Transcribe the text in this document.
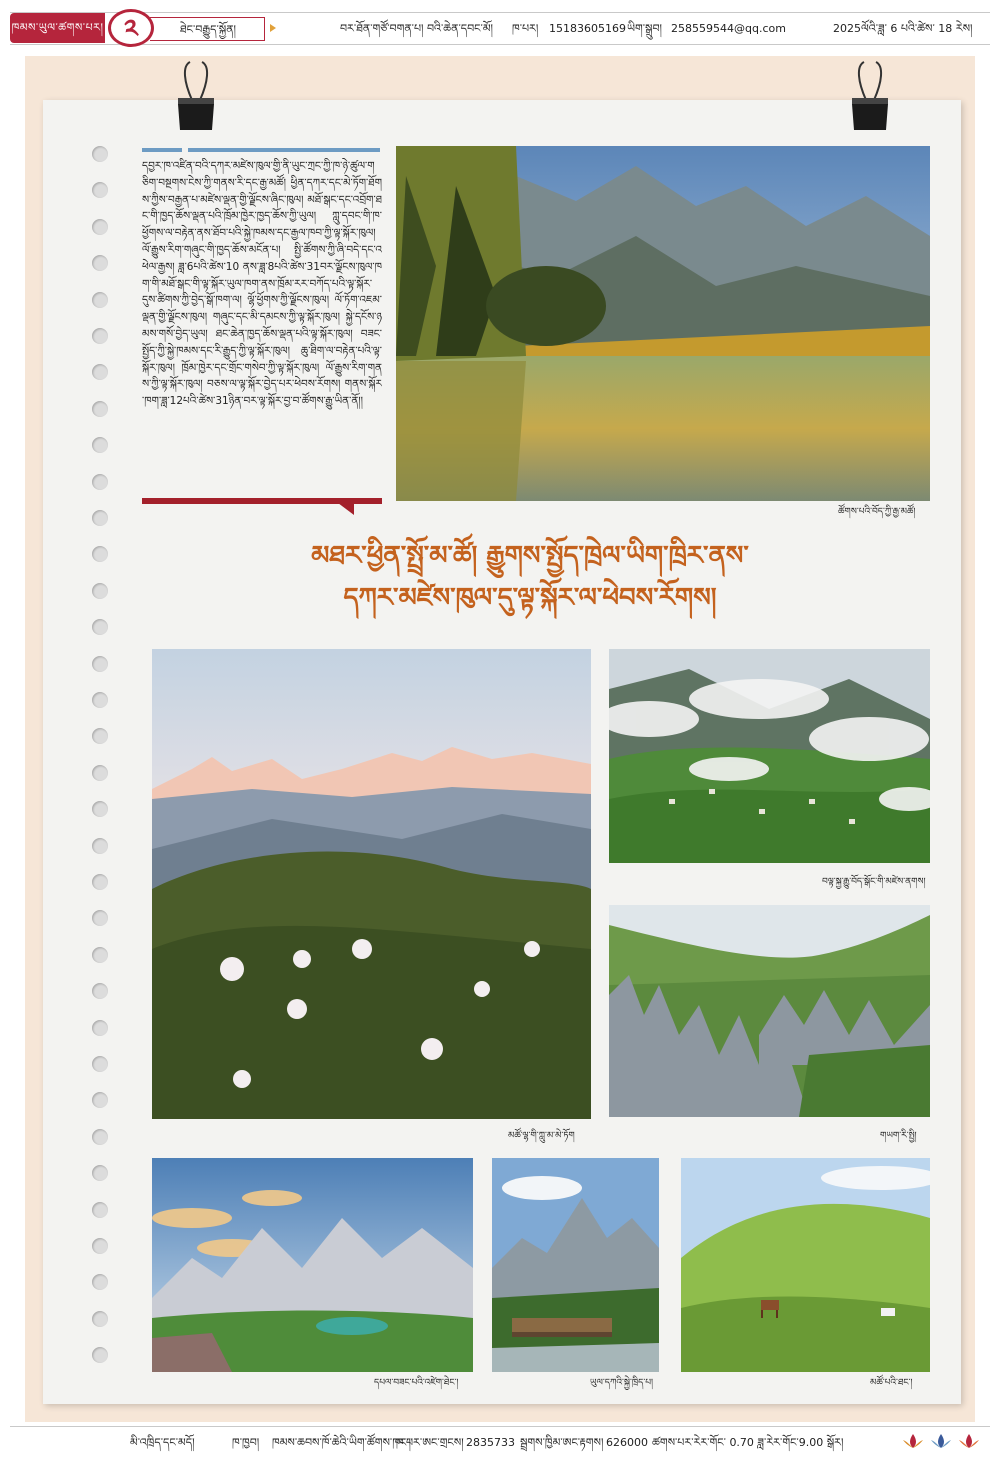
ཁམས་ཡུལ་ཚགས་པར། ༢	ཐེང་བརྒྱུད་སྐྱོན།	བར་ཐོན་གཙོ་བགན་པ། བའི་ཆེན་དབང་མོ། ཁ་པར། 15183605169 ཡིག་སྒྲུབ། 258559544@qq.com	2025ལོའི་ཟླ་ 6 པའི་ཚེས་ 18 རེས།
དབྱར་ཁ་འཛིན་བའི་དཀར་མཛེས་ཁུལ་གྱི་ནི་ཡུང་ཀྲང་ཀྱི་ཁ་ཉེ་ཚུལ་གཅིག་བསྔགས་ངེས་ཀྱི་གནས་རི་དང་རྒྱ་མཚོ། ཕྱིན་དཀར་དང་མེ་ཏོག་ཐོགས་ཀྱིས་བརྒྱན་པ་མཛེས་ལྡན་གྱི་ལྗོངས་ཞིང་ཁུལ། མཐོ་སྒང་དང་འབྲོག་ཐང་གི་ཁྱད་ཆོས་ལྡན་པའི་ཁྲོམ་ཁྱེར་ཁྱད་ཆོས་ཀྱི་ཡུལ། ཀླུ་དབང་གི་ཁ་ཕྱོགས་ལ་བརྟེན་ནས་ཐོབ་པའི་སྐྱེ་ཁམས་དང་རྒྱལ་ཁབ་ཀྱི་ལྟ་སྐོར་ཁུལ། ལོ་རྒྱུས་རིག་གཞུང་གི་ཁྱད་ཆོས་མངོན་པ། སྤྱི་ཚོགས་ཀྱི་ཞི་བདེ་དང་འཕེལ་རྒྱས། ཟླ་6པའི་ཚེས་10 ནས་ཟླ་8པའི་ཚེས་31བར་ལྗོངས་ཁུལ་ཁག་གི་མཐོ་སྒང་གི་ལྟ་སྐོར་ཡུལ་ཁག་ནས་ཁྲོམ་རར་བཀོད་པའི་ལྟ་སྐོར་དུས་ཚིགས་ཀྱི་བྱེད་སྒོ་ཁག་ལ། ལྷོ་ཕྱོགས་ཀྱི་ལྗོངས་ཁུལ། ལོ་ཏོག་འཇམ་ལྡན་གྱི་ལྗོངས་ཁུལ། གཞུང་དང་མི་དམངས་ཀྱི་ལྟ་སྐོར་ཁུལ། སྐྱེ་དངོས་ཉམས་གསོ་བྱེད་ཡུལ། ཐང་ཆེན་ཁྱད་ཆོས་ལྡན་པའི་ལྟ་སྐོར་ཁུལ། བཟང་སྤྱོད་ཀྱི་སྐྱེ་ཁམས་དང་རི་རྒྱུད་ཀྱི་ལྟ་སྐོར་ཁུལ། ཆུ་ཐིག་ལ་བརྟེན་པའི་ལྟ་སྐོར་ཁུལ། ཁྲོམ་ཁྱེར་དང་གྲོང་གསེབ་ཀྱི་ལྟ་སྐོར་ཁུལ། ལོ་རྒྱུས་རིག་གནས་ཀྱི་ལྟ་སྐོར་ཁུལ། བཅས་ལ་ལྟ་སྐོར་བྱེད་པར་ཕེབས་རོགས། གནས་སྐོར་ཁག་ཟླ་12པའི་ཚེས་31ཉིན་བར་ལྟ་སྐོར་བྱ་བ་ཚོགས་རྒྱུ་ཡིན་ནོ།།
ཚོགས་པའི་བོད་ཀྱི་རྒྱ་མཚོ།
མཐར་ཕྱིན་སྤྲོ་མ་ཚོ། རྒྱུགས་སྤྱོད་ཁྲེལ་ཡིག་ཁྲིར་ནས་
དཀར་མཛེས་ཁུལ་དུ་ལྟ་སྐོར་ལ་ཕེབས་རོགས།
མཚོ་ལྷ་གི་ཀླུ་མ་མེ་ཏོག
བལྟ་སྐྱ་རྒྱུ་བོད་སྒོང་གི་མཛེས་ནགས།
གཡག་རི་སྤྱི།
དཔལ་བཟང་པའི་འཛེག་ཐེང་།	ཡུལ་དཀའི་སྐྱེ་ཁྲིད་པ།	མཚོ་པའི་ཐང་།
མི་འཁྲིད་དང་མདོ།	ཁ་ཁྱབ། ཁམས་ཆབས་ཁོ་ཆེའི་ཡིག་ཚོགས་ཁང་།
ཁ་པར་ཨང་གྲངས། 2835733 སྦྲགས་ཁྱིམ་ཨང་རྟགས། 626000 ཚགས་པར་རེར་གོང་ 0.70 ཟླ་རེར་གོང་9.00 སྒོར།
